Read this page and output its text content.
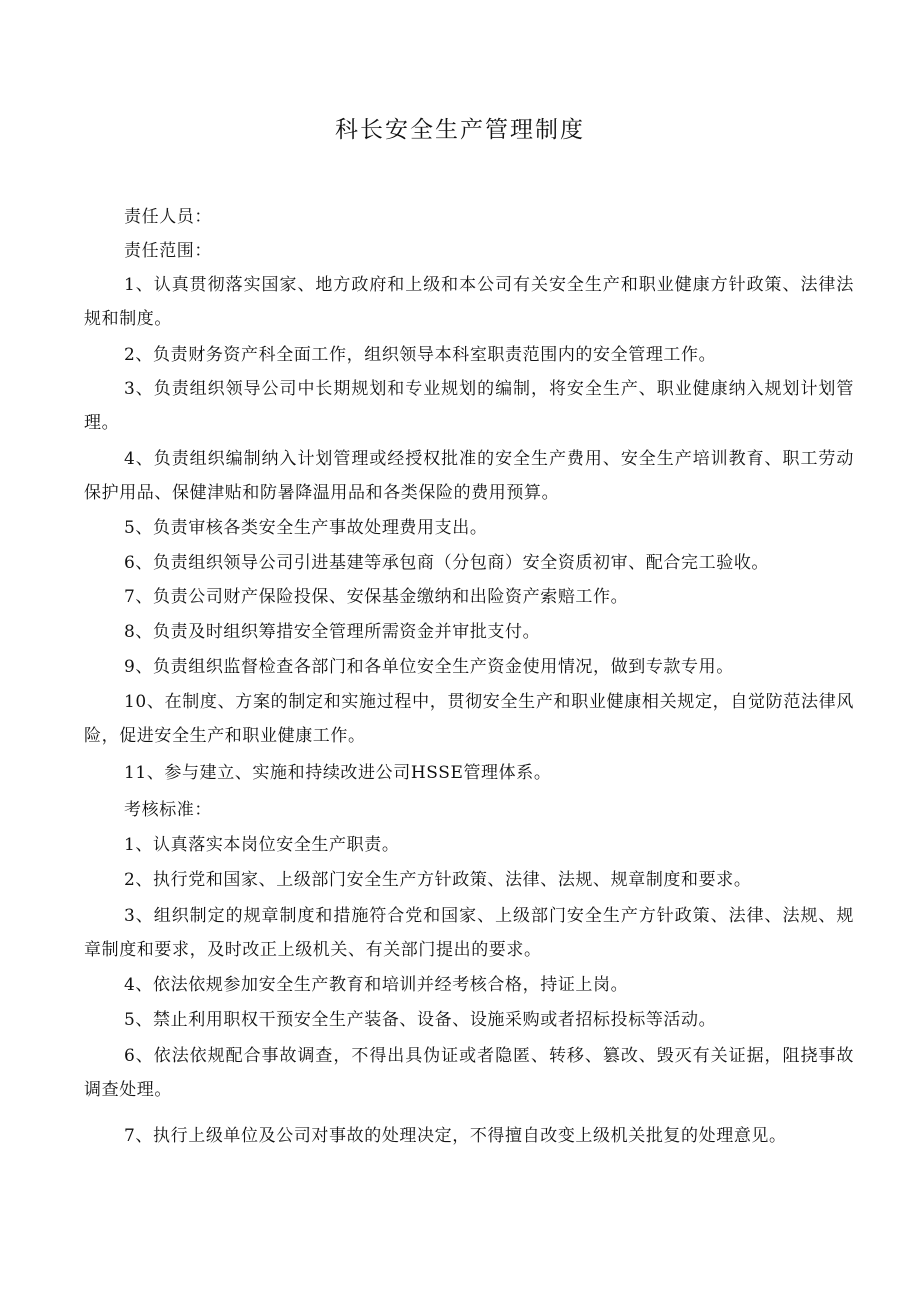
科长安全生产管理制度

责任人员：

责任范围：

1、认真贯彻落实国家、地方政府和上级和本公司有关安全生产和职业健康方针政策、法律法规和制度。

2、负责财务资产科全面工作，组织领导本科室职责范围内的安全管理工作。

3、负责组织领导公司中长期规划和专业规划的编制，将安全生产、职业健康纳入规划计划管理。

4、负责组织编制纳入计划管理或经授权批准的安全生产费用、安全生产培训教育、职工劳动保护用品、保健津贴和防暑降温用品和各类保险的费用预算。

5、负责审核各类安全生产事故处理费用支出。

6、负责组织领导公司引进基建等承包商（分包商）安全资质初审、配合完工验收。

7、负责公司财产保险投保、安保基金缴纳和出险资产索赔工作。

8、负责及时组织筹措安全管理所需资金并审批支付。

9、负责组织监督检查各部门和各单位安全生产资金使用情况，做到专款专用。

10、在制度、方案的制定和实施过程中，贯彻安全生产和职业健康相关规定，自觉防范法律风险，促进安全生产和职业健康工作。

11、参与建立、实施和持续改进公司HSSE管理体系。

考核标准：

1、认真落实本岗位安全生产职责。

2、执行党和国家、上级部门安全生产方针政策、法律、法规、规章制度和要求。

3、组织制定的规章制度和措施符合党和国家、上级部门安全生产方针政策、法律、法规、规章制度和要求，及时改正上级机关、有关部门提出的要求。

4、依法依规参加安全生产教育和培训并经考核合格，持证上岗。

5、禁止利用职权干预安全生产装备、设备、设施采购或者招标投标等活动。

6、依法依规配合事故调查，不得出具伪证或者隐匿、转移、篡改、毁灭有关证据，阻挠事故调查处理。

7、执行上级单位及公司对事故的处理决定，不得擅自改变上级机关批复的处理意见。
